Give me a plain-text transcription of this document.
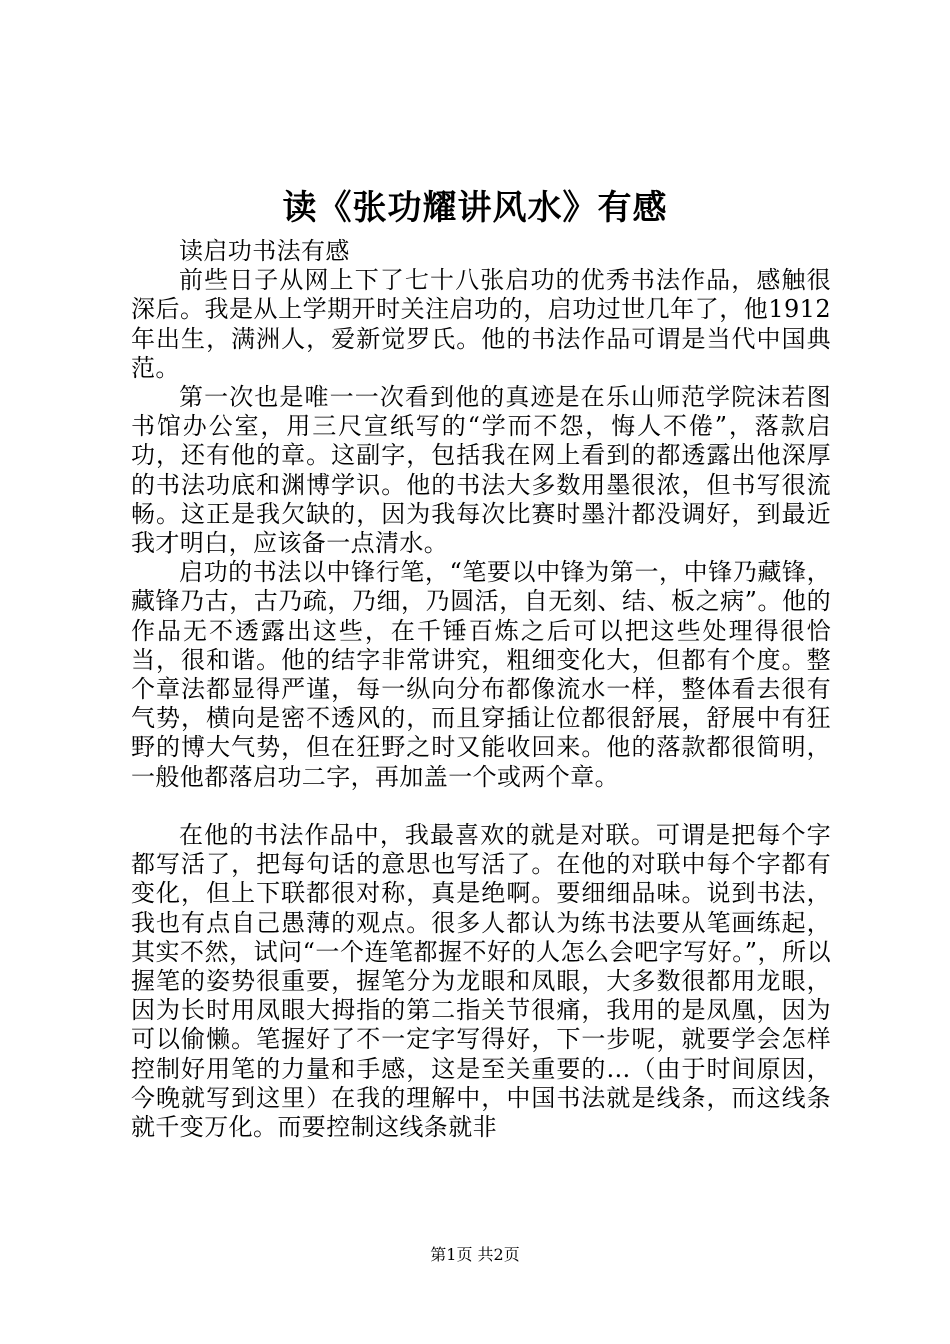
读《张功耀讲风水》有感

读启功书法有感

前些日子从网上下了七十八张启功的优秀书法作品，感触很深后。我是从上学期开时关注启功的，启功过世几年了，他1912年出生，满洲人，爱新觉罗氏。他的书法作品可谓是当代中国典范。

第一次也是唯一一次看到他的真迹是在乐山师范学院沫若图书馆办公室，用三尺宣纸写的“学而不怨，悔人不倦”，落款启功，还有他的章。这副字，包括我在网上看到的都透露出他深厚的书法功底和渊博学识。他的书法大多数用墨很浓，但书写很流畅。这正是我欠缺的，因为我每次比赛时墨汁都没调好，到最近我才明白，应该备一点清水。

启功的书法以中锋行笔，“笔要以中锋为第一，中锋乃藏锋，藏锋乃古，古乃疏，乃细，乃圆活，自无刻、结、板之病”。他的作品无不透露出这些，在千锤百炼之后可以把这些处理得很恰当，很和谐。他的结字非常讲究，粗细变化大，但都有个度。整个章法都显得严谨，每一纵向分布都像流水一样，整体看去很有气势，横向是密不透风的，而且穿插让位都很舒展，舒展中有狂野的博大气势，但在狂野之时又能收回来。他的落款都很简明，一般他都落启功二字，再加盖一个或两个章。

在他的书法作品中，我最喜欢的就是对联。可谓是把每个字都写活了，把每句话的意思也写活了。在他的对联中每个字都有变化，但上下联都很对称，真是绝啊。要细细品味。说到书法，我也有点自己愚薄的观点。很多人都认为练书法要从笔画练起，其实不然，试问“一个连笔都握不好的人怎么会吧字写好。”，所以握笔的姿势很重要，握笔分为龙眼和凤眼，大多数很都用龙眼，因为长时用凤眼大拇指的第二指关节很痛，我用的是凤凰，因为可以偷懒。笔握好了不一定字写得好，下一步呢，就要学会怎样控制好用笔的力量和手感，这是至关重要的…（由于时间原因，今晚就写到这里）在我的理解中，中国书法就是线条，而这线条就千变万化。而要控制这线条就非

第1页 共2页
